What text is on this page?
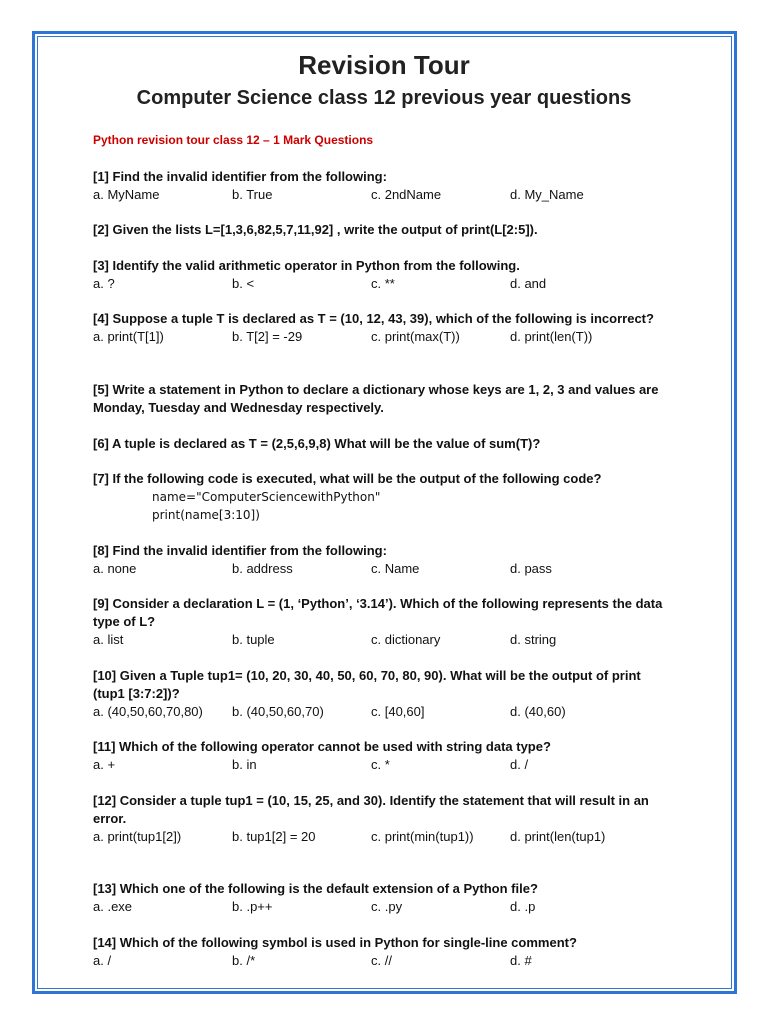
Revision Tour
Computer Science class 12 previous year questions
Python revision tour class 12 – 1 Mark Questions
[1] Find the invalid identifier from the following:
a. MyName	b. True	c. 2ndName	d. My_Name
[2] Given the lists L=[1,3,6,82,5,7,11,92] , write the output of print(L[2:5]).
[3] Identify the valid arithmetic operator in Python from the following.
a. ?	b. <	c. **	d. and
[4] Suppose a tuple T is declared as T = (10, 12, 43, 39), which of the following is incorrect?
a. print(T[1])	b. T[2] = -29	c. print(max(T))	d. print(len(T))
[5] Write a statement in Python to declare a dictionary whose keys are 1, 2, 3 and values are Monday, Tuesday and Wednesday respectively.
[6] A tuple is declared as T = (2,5,6,9,8) What will be the value of sum(T)?
[7] If the following code is executed, what will be the output of the following code?
name="ComputerSciencewithPython"
print(name[3:10])
[8] Find the invalid identifier from the following:
a. none	b. address	c. Name	d. pass
[9] Consider a declaration L = (1, ‘Python’, ‘3.14’). Which of the following represents the data type of L?
a. list	b. tuple	c. dictionary	d. string
[10] Given a Tuple tup1= (10, 20, 30, 40, 50, 60, 70, 80, 90). What will be the output of print (tup1 [3:7:2])?
a. (40,50,60,70,80) b. (40,50,60,70)	c. [40,60]	d. (40,60)
[11] Which of the following operator cannot be used with string data type?
a. +	b. in	c. *	d. /
[12] Consider a tuple tup1 = (10, 15, 25, and 30). Identify the statement that will result in an error.
a. print(tup1[2])	b. tup1[2] = 20	c. print(min(tup1))	d. print(len(tup1)
[13] Which one of the following is the default extension of a Python file?
a. .exe	b. .p++	c. .py	d. .p
[14] Which of the following symbol is used in Python for single-line comment?
a. /	b. /*	c. //	d. #
